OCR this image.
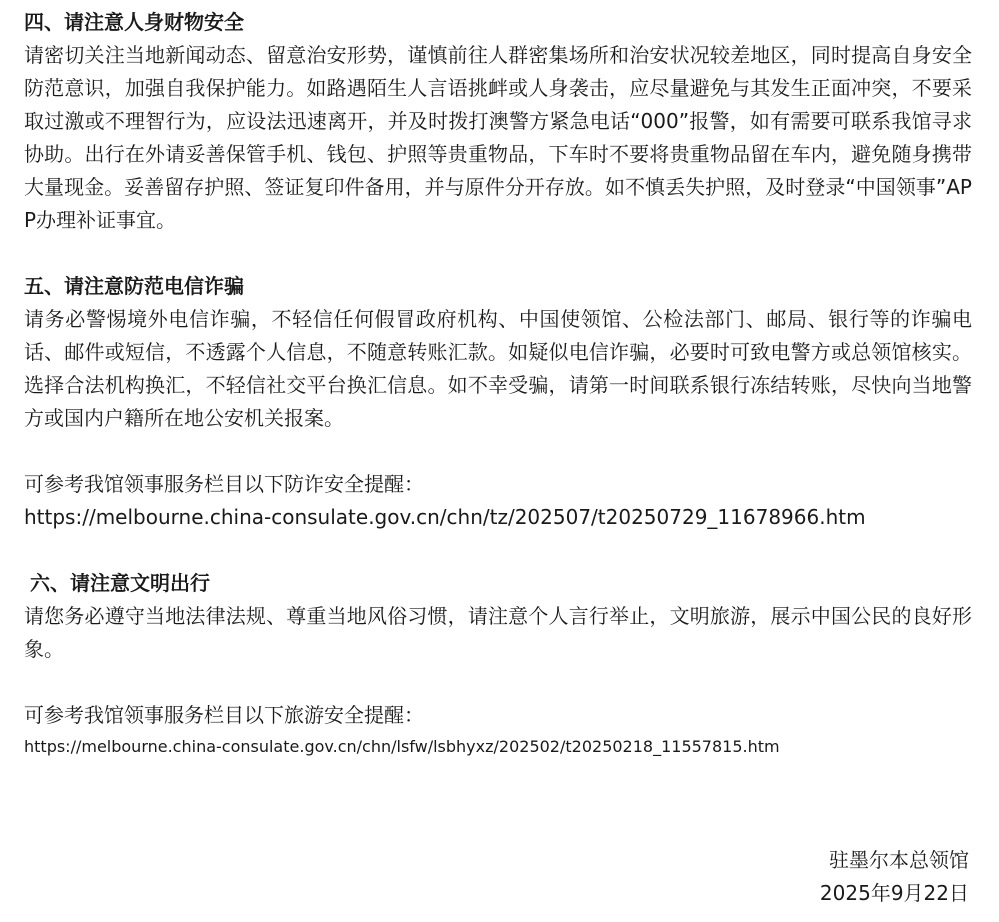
四、请注意人身财物安全

请密切关注当地新闻动态、留意治安形势，谨慎前往人群密集场所和治安状况较差地区，同时提高自身安全防范意识，加强自我保护能力。如路遇陌生人言语挑衅或人身袭击，应尽量避免与其发生正面冲突，不要采取过激或不理智行为，应设法迅速离开，并及时拨打澳警方紧急电话“000”报警，如有需要可联系我馆寻求协助。出行在外请妥善保管手机、钱包、护照等贵重物品，下车时不要将贵重物品留在车内，避免随身携带大量现金。妥善留存护照、签证复印件备用，并与原件分开存放。如不慎丢失护照，及时登录“中国领事”APP办理补证事宜。

五、请注意防范电信诈骗

请务必警惕境外电信诈骗，不轻信任何假冒政府机构、中国使领馆、公检法部门、邮局、银行等的诈骗电话、邮件或短信，不透露个人信息，不随意转账汇款。如疑似电信诈骗，必要时可致电警方或总领馆核实。选择合法机构换汇，不轻信社交平台换汇信息。如不幸受骗，请第一时间联系银行冻结转账，尽快向当地警方或国内户籍所在地公安机关报案。

可参考我馆领事服务栏目以下防诈安全提醒：

https://melbourne.china-consulate.gov.cn/chn/tz/202507/t20250729_11678966.htm

六、请注意文明出行

请您务必遵守当地法律法规、尊重当地风俗习惯，请注意个人言行举止，文明旅游，展示中国公民的良好形象。

可参考我馆领事服务栏目以下旅游安全提醒：

https://melbourne.china-consulate.gov.cn/chn/lsfw/lsbhyxz/202502/t20250218_11557815.htm
驻墨尔本总领馆
2025年9月22日
